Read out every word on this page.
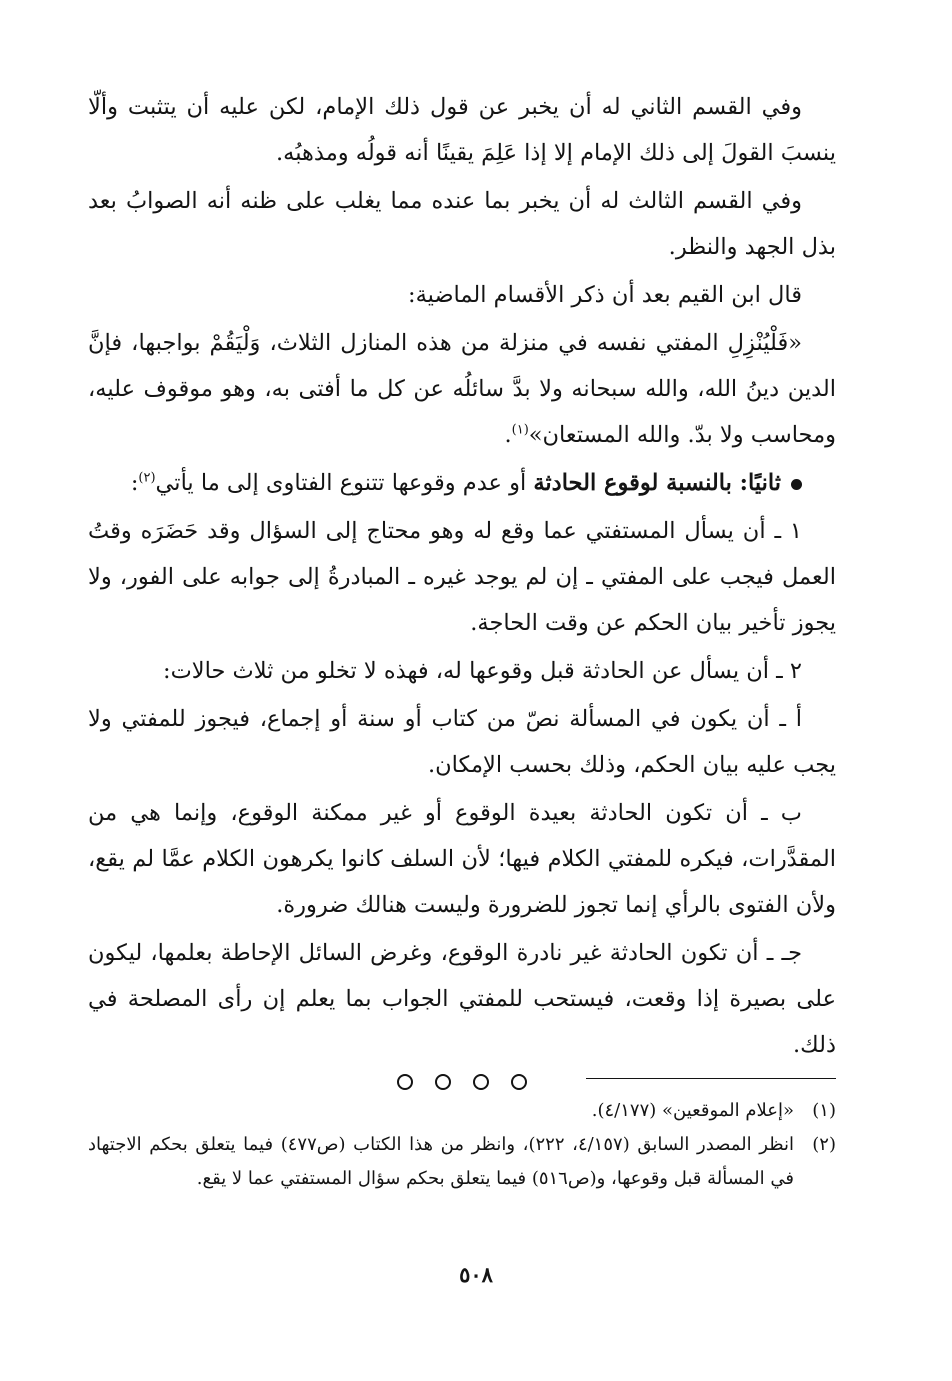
وفي القسم الثاني له أن يخبر عن قول ذلك الإمام، لكن عليه أن يتثبت وألّا ينسبَ القولَ إلى ذلك الإمام إلا إذا عَلِمَ يقينًا أنه قولُه ومذهبُه.

وفي القسم الثالث له أن يخبر بما عنده مما يغلب على ظنه أنه الصوابُ بعد بذل الجهد والنظر.

قال ابن القيم بعد أن ذكر الأقسام الماضية:

«فَلْيُنْزِلِ المفتي نفسه في منزلة من هذه المنازل الثلاث، وَلْيَقُمْ بواجبها، فإنَّ الدين دينُ الله، والله سبحانه ولا بدَّ سائلُه عن كل ما أفتى به، وهو موقوف عليه، ومحاسب ولا بدّ. والله المستعان»$^{(١)}$.

ثانيًا: بالنسبة لوقوع الحادثة أو عدم وقوعها تتنوع الفتاوى إلى ما يأتي$^{(٢)}$:

١ ـ أن يسأل المستفتي عما وقع له وهو محتاج إلى السؤال وقد حَضَرَه وقتُ العمل فيجب على المفتي ـ إن لم يوجد غيره ـ المبادرةُ إلى جوابه على الفور، ولا يجوز تأخير بيان الحكم عن وقت الحاجة.

٢ ـ أن يسأل عن الحادثة قبل وقوعها له، فهذه لا تخلو من ثلاث حالات:

أ ـ أن يكون في المسألة نصّ من كتاب أو سنة أو إجماع، فيجوز للمفتي ولا يجب عليه بيان الحكم، وذلك بحسب الإمكان.

ب ـ أن تكون الحادثة بعيدة الوقوع أو غير ممكنة الوقوع، وإنما هي من المقدَّرات، فيكره للمفتي الكلام فيها؛ لأن السلف كانوا يكرهون الكلام عمَّا لم يقع، ولأن الفتوى بالرأي إنما تجوز للضرورة وليست هنالك ضرورة.

جـ ـ أن تكون الحادثة غير نادرة الوقوع، وغرض السائل الإحاطة بعلمها، ليكون على بصيرة إذا وقعت، فيستحب للمفتي الجواب بما يعلم إن رأى المصلحة في ذلك.

(١)
«إعلام الموقعين» (٤/١٧٧).
(٢)
انظر المصدر السابق (٤/١٥٧، ٢٢٢)، وانظر من هذا الكتاب (ص٤٧٧) فيما يتعلق بحكم الاجتهاد في المسألة قبل وقوعها، و(ص٥١٦) فيما يتعلق بحكم سؤال المستفتي عما لا يقع.
٥٠٨
